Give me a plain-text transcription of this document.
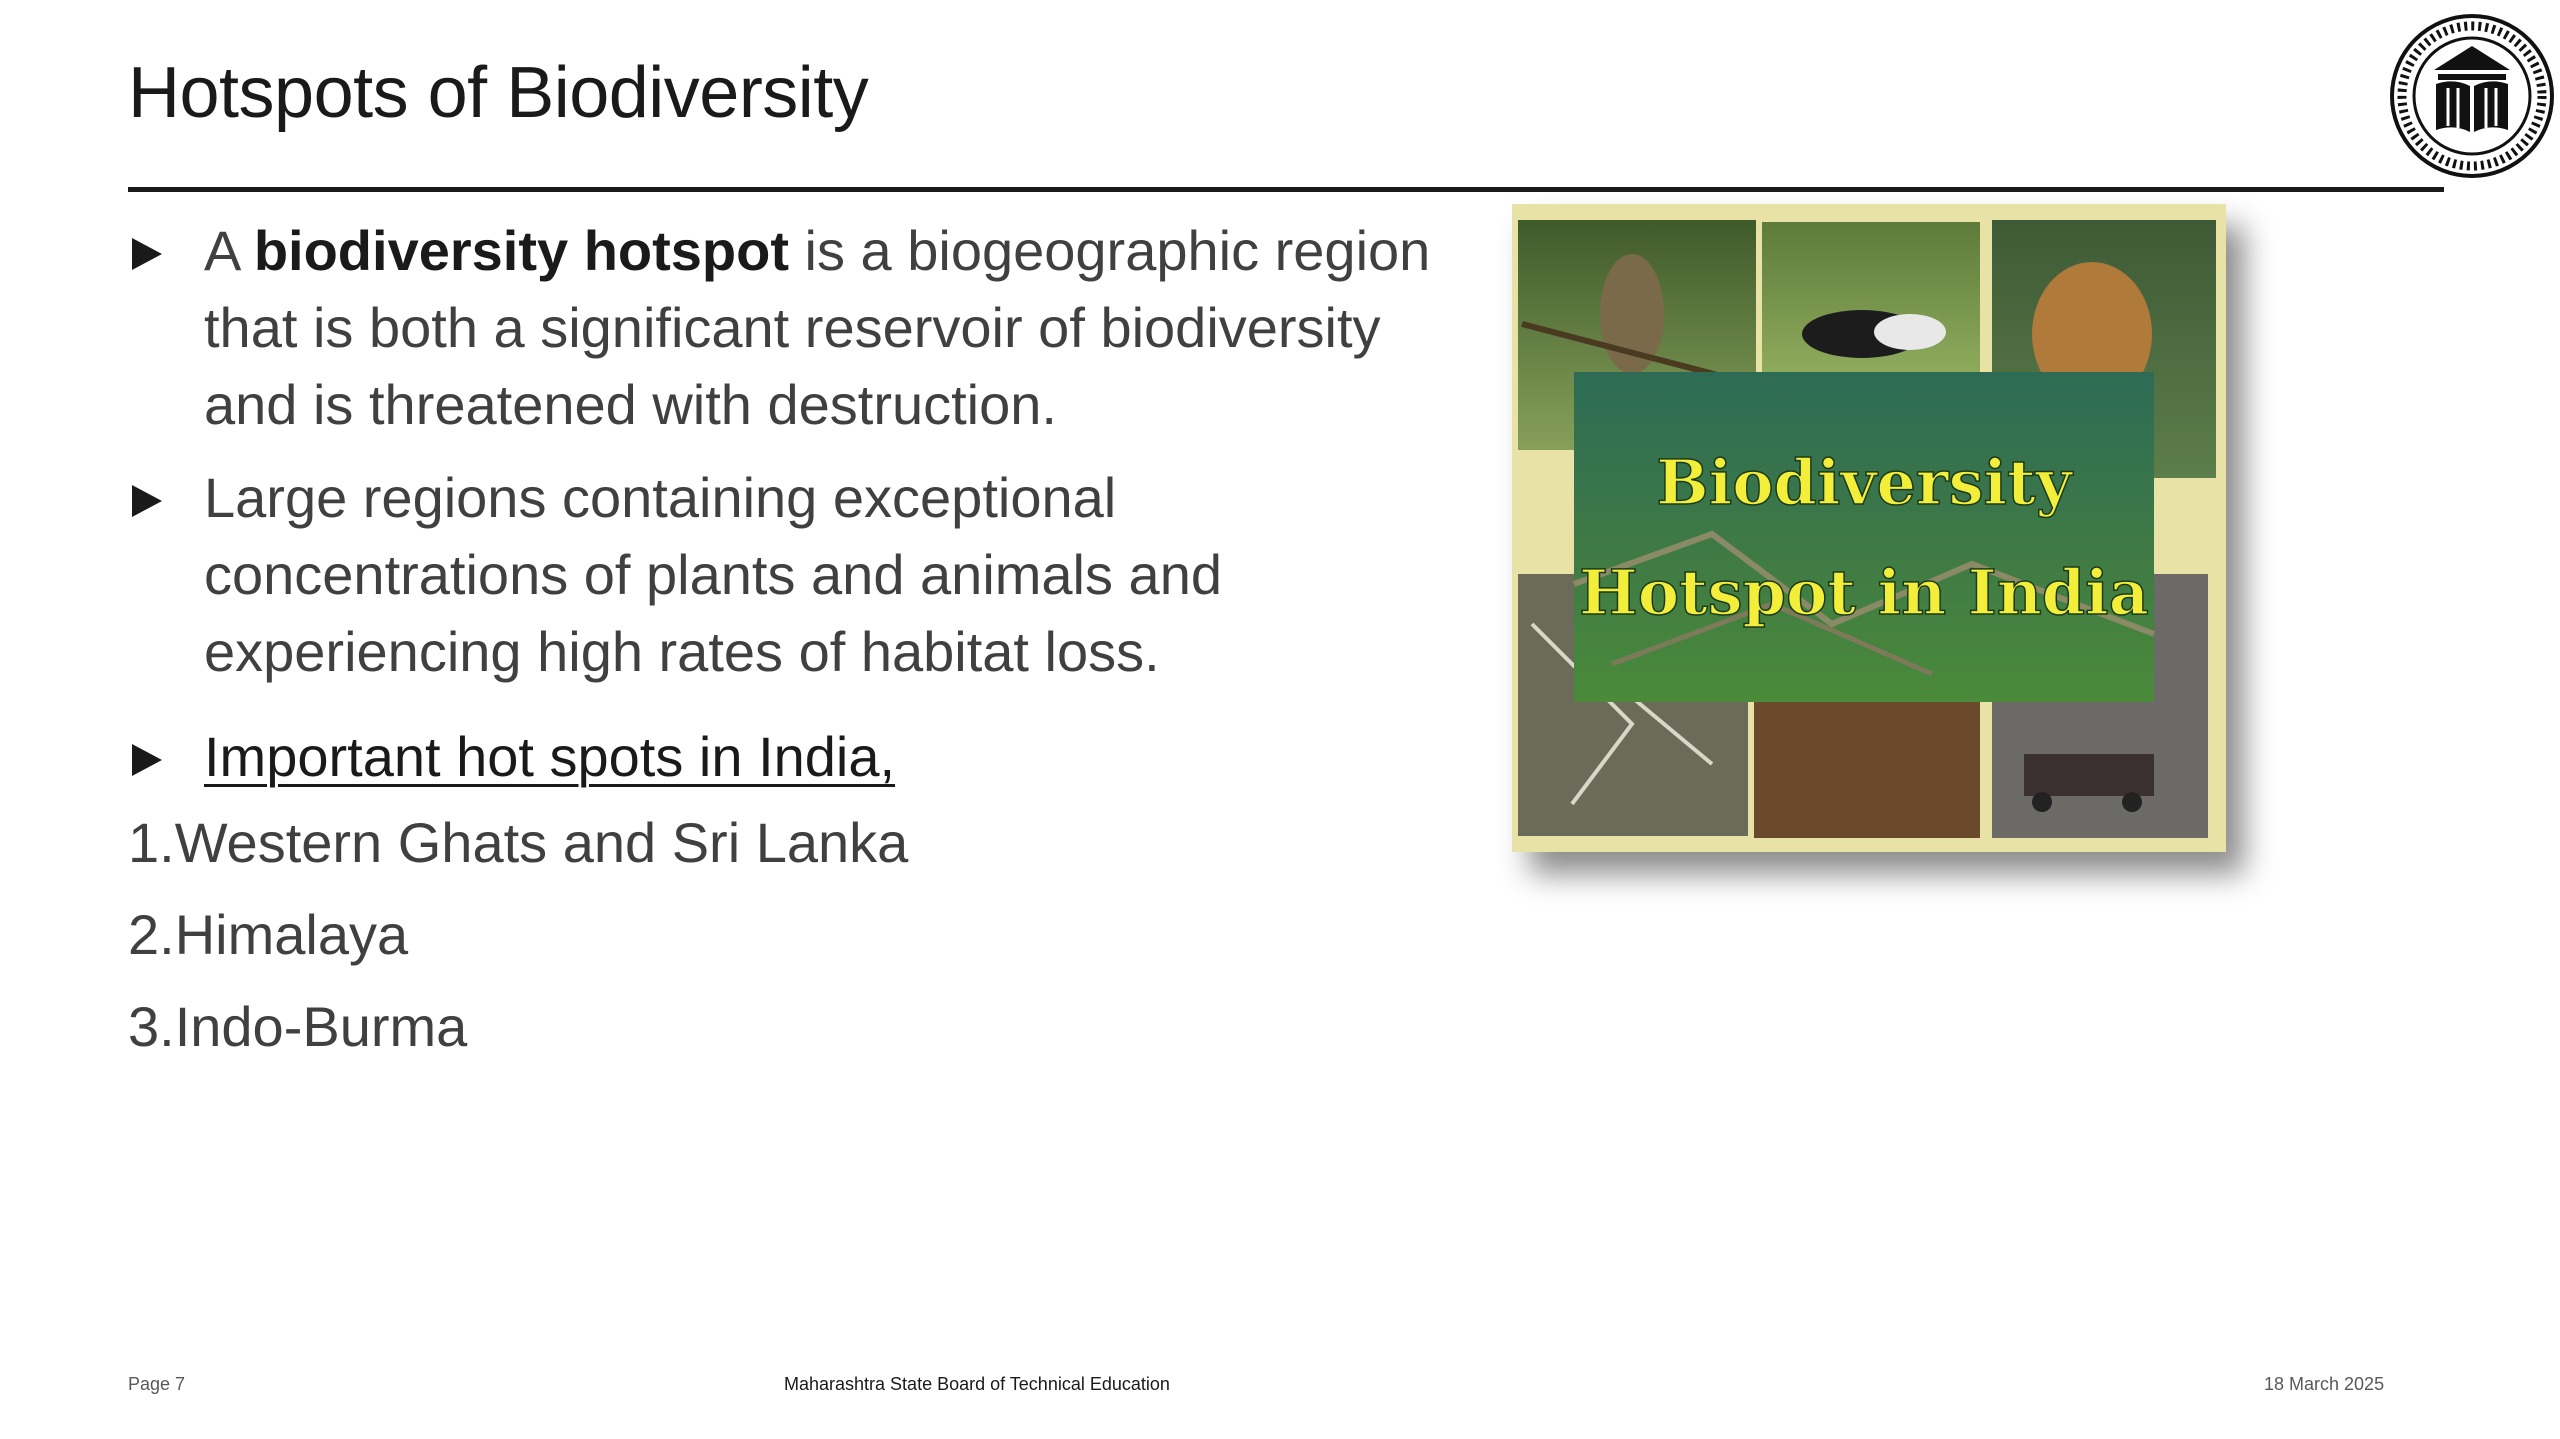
Hotspots of Biodiversity
A biodiversity hotspot is a biogeographic region that is both a significant reservoir of biodiversity and is threatened with destruction.
Large regions containing exceptional concentrations of plants and animals and experiencing high rates of habitat loss.
Important hot spots in India,
1.Western Ghats and Sri Lanka
2.Himalaya
3.Indo-Burma
Biodiversity
Hotspot in India
Page 7	Maharashtra State Board of Technical Education	18 March 2025
